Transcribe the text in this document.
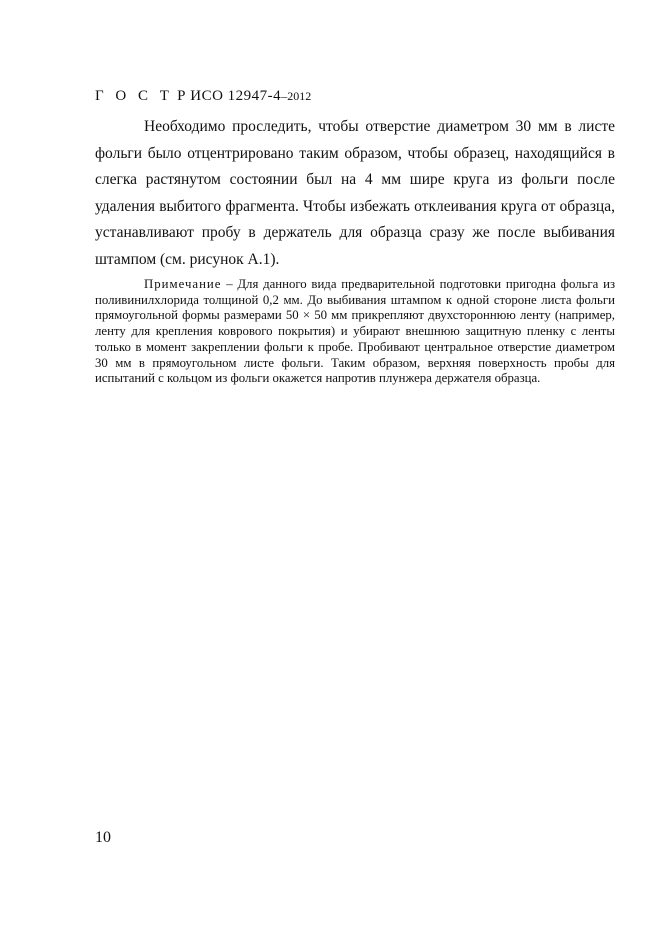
Г О С Т Р ИСО 12947-4–2012

Необходимо проследить, чтобы отверстие диаметром 30 мм в листе фольги было отцентрировано таким образом, чтобы образец, находящийся в слегка растянутом состоянии был на 4 мм шире круга из фольги после удаления выбитого фрагмента. Чтобы избежать отклеивания круга от образца, устанавливают пробу в держатель для образца сразу же после выбивания штампом (см. рисунок А.1).

Примечание – Для данного вида предварительной подготовки пригодна фольга из поливинилхлорида толщиной 0,2 мм. До выбивания штампом к одной стороне листа фольги прямоугольной формы размерами 50 × 50 мм прикрепляют двухстороннюю ленту (например, ленту для крепления коврового покрытия) и убирают внешнюю защитную пленку с ленты только в момент закреплении фольги к пробе. Пробивают центральное отверстие диаметром 30 мм в прямоугольном листе фольги. Таким образом, верхняя поверхность пробы для испытаний с кольцом из фольги окажется напротив плунжера держателя образца.

10
